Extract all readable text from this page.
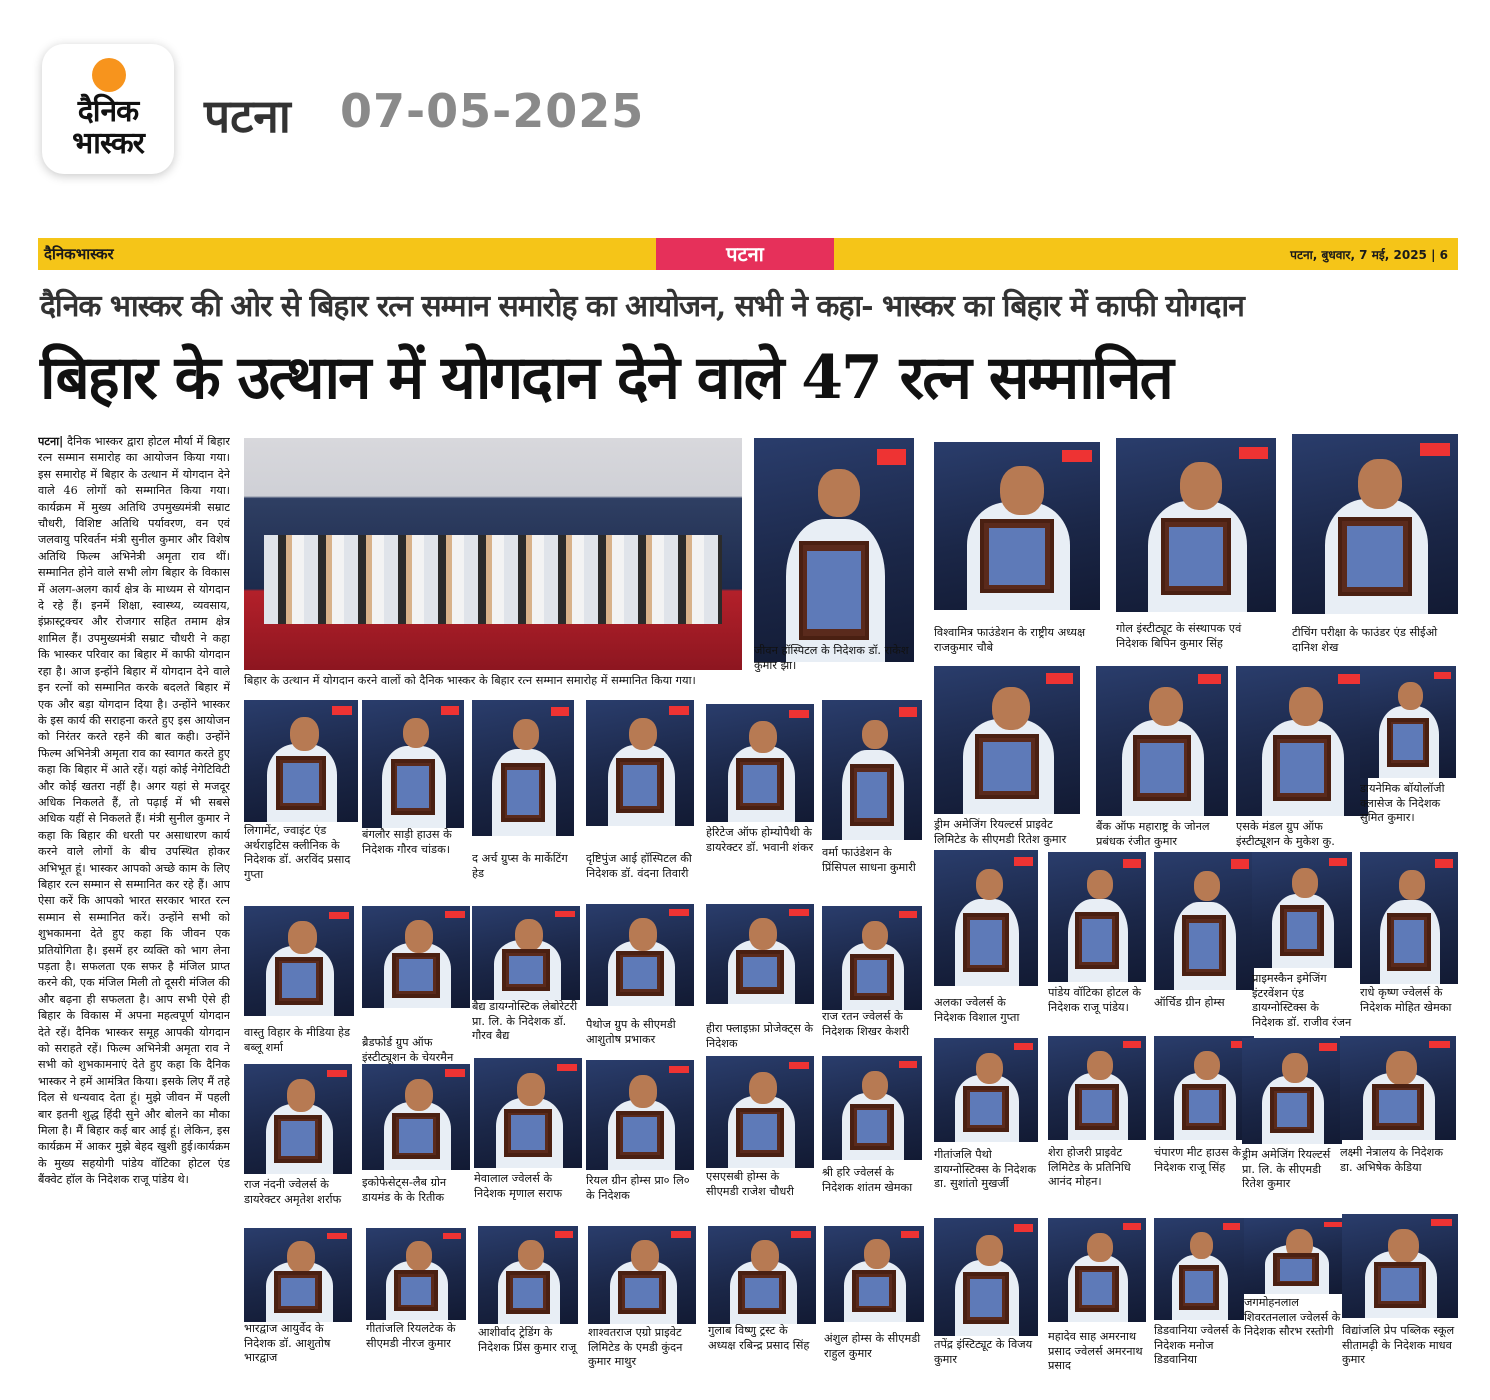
दैनिक
भास्कर
पटना 07-05-2025
दैनिकभास्कर	पटना	पटना, बुधवार, 7 मई, 2025 | 6
दैनिक भास्कर की ओर से बिहार रत्न सम्मान समारोह का आयोजन, सभी ने कहा- भास्कर का बिहार में काफी योगदान
बिहार के उत्थान में योगदान देने वाले 47 रत्न सम्मानित
पटना| दैनिक भास्कर द्वारा होटल मौर्या में बिहार रत्न सम्मान समारोह का आयोजन किया गया। इस समारोह में बिहार के उत्थान में योगदान देने वाले 46 लोगों को सम्मानित किया गया। कार्यक्रम में मुख्य अतिथि उपमुख्यमंत्री सम्राट चौधरी, विशिष्ट अतिथि पर्यावरण, वन एवं जलवायु परिवर्तन मंत्री सुनील कुमार और विशेष अतिथि फिल्म अभिनेत्री अमृता राव थीं। सम्मानित होने वाले सभी लोग बिहार के विकास में अलग-अलग कार्य क्षेत्र के माध्यम से योगदान दे रहे हैं। इनमें शिक्षा, स्वास्थ्य, व्यवसाय, इंफ्रास्ट्रक्चर और रोजगार सहित तमाम क्षेत्र शामिल हैं। उपमुख्यमंत्री सम्राट चौधरी ने कहा कि भास्कर परिवार का बिहार में काफी योगदान रहा है। आज इन्होंने बिहार में योगदान देने वाले इन रत्नों को सम्मानित करके बदलते बिहार में एक और बड़ा योगदान दिया है। उन्होंने भास्कर के इस कार्य की सराहना करते हुए इस आयोजन को निरंतर करते रहने की बात कही। उन्होंने फिल्म अभिनेत्री अमृता राव का स्वागत करते हुए कहा कि बिहार में आते रहें। यहां कोई नेगेटिविटी और कोई खतरा नहीं है। अगर यहां से मजदूर अधिक निकलते हैं, तो पढ़ाई में भी सबसे अधिक यहीं से निकलते हैं। मंत्री सुनील कुमार ने कहा कि बिहार की धरती पर असाधारण कार्य करने वाले लोगों के बीच उपस्थित होकर अभिभूत हूं। भास्कर आपको अच्छे काम के लिए बिहार रत्न सम्मान से सम्मानित कर रहे हैं। आप ऐसा करें कि आपको भारत सरकार भारत रत्न सम्मान से सम्मानित करें। उन्होंने सभी को शुभकामना देते हुए कहा कि जीवन एक प्रतियोगिता है। इसमें हर व्यक्ति को भाग लेना पड़ता है। सफलता एक सफर है मंजिल प्राप्त करने की, एक मंजिल मिली तो दूसरी मंजिल की और बढ़ना ही सफलता है। आप सभी ऐसे ही बिहार के विकास में अपना महत्वपूर्ण योगदान देते रहें। दैनिक भास्कर समूह आपकी योगदान को सराहते रहें। फिल्म अभिनेत्री अमृता राव ने सभी को शुभकामनाएं देते हुए कहा कि दैनिक भास्कर ने हमें आमंत्रित किया। इसके लिए मैं तहे दिल से धन्यवाद देता हूं। मुझे जीवन में पहली बार इतनी शुद्ध हिंदी सुने और बोलने का मौका मिला है। मैं बिहार कई बार आई हूं। लेकिन, इस कार्यक्रम में आकर मुझे बेहद खुशी हुई।कार्यक्रम के मुख्य सहयोगी पांडेय वॉटिका होटल एंड बैंक्वेट हॉल के निदेशक राजू पांडेय थे।
बिहार के उत्थान में योगदान करने वालों को दैनिक भास्कर के बिहार रत्न सम्मान समारोह में सम्मानित किया गया।
जीवन हॉस्पिटल के निदेशक डॉ. राकेश कुमार झा।
विश्वामित्र फाउंडेशन के राष्ट्रीय अध्यक्ष राजकुमार चौबे
गोल इंस्टीट्यूट के संस्थापक एवं निदेशक बिपिन कुमार सिंह
टीचिंग परीक्षा के फाउंडर एंड सीईओ दानिश शेख
लिगामेंट, ज्वाइंट एंड अर्थराइटिस क्लीनिक के निदेशक डॉ. अरविंद प्रसाद गुप्ता
बंगलौर साड़ी हाउस के निदेशक गौरव चांडक।
द अर्च ग्रुप्स के मार्केटिंग हेड
दृष्टिपुंज आई हॉस्पिटल की निदेशक डॉ. वंदना तिवारी
हेरिटेज ऑफ होम्योपैथी के डायरेक्टर डॉ. भवानी शंकर वर्मा फाउंडेशन के प्रिंसिपल साधना कुमारी
ड्रीम अमेजिंग रियल्टर्स प्राइवेट लिमिटेड के सीएमडी रितेश कुमार
बैंक ऑफ महाराष्ट्र के जोनल प्रबंधक रंजीत कुमार
एसके मंडल ग्रुप ऑफ इंस्टीट्यूशन के मुकेश कु.
डायनेमिक बॉयोलॉजी क्लासेज के निदेशक सुमित कुमार।
वास्तु विहार के मीडिया हेड बब्लू शर्मा	ब्रैडफोर्ड ग्रुप ऑफ इंस्टीट्यूशन के चेयरमैन
बैद्य डायग्नोस्टिक लेबोरेटरी प्रा. लि. के निदेशक डॉ. गौरव बैद्य
पैथोज ग्रुप के सीएमडी आशुतोष प्रभाकर
हीरा फ्लाइफ़ा प्रोजेक्ट्स के निदेशक
राज रतन ज्वेलर्स के निदेशक शिखर केशरी
अलका ज्वेलर्स के निदेशक विशाल गुप्ता
पांडेय वॉटिका होटल के निदेशक राजू पांडेय।	ऑर्चिड ग्रीन होम्स
प्राइमस्कैन इमेजिंग इंटरवेंशन एंड डायग्नोस्टिक्स के निदेशक डॉ. राजीव रंजन
राधे कृष्ण ज्वेलर्स के निदेशक मोहित खेमका
राज नंदनी ज्वेलर्स के डायरेक्टर अमृतेश शर्राफ
इकोफेसेट्स-लैब ग्रोन डायमंड के के रितीक
मेवालाल ज्वेलर्स के निदेशक मृणाल सराफ
रियल ग्रीन होम्स प्रा० लि० के निदेशक
एसएसबी होम्स के सीएमडी राजेश चौधरी
श्री हरि ज्वेलर्स के निदेशक शांतम खेमका
गीतांजलि पैथो डायग्नोस्टिक्स के निदेशक डा. सुशांतो मुखर्जी
शेरा होजरी प्राइवेट लिमिटेड के प्रतिनिधि आनंद मोहन।
चंपारण मीट हाउस के निदेशक राजू सिंह
ड्रीम अमेजिंग रियल्टर्स प्रा. लि. के सीएमडी रितेश कुमार
लक्ष्मी नेत्रालय के निदेशक डा. अभिषेक केडिया
भारद्वाज आयुर्वेद के निदेशक डॉ. आशुतोष भारद्वाज
गीतांजलि रियलटेक के सीएमडी नीरज कुमार
आशीर्वाद ट्रेडिंग के निदेशक प्रिंस कुमार राजू
शाश्वतराज एग्रो प्राइवेट लिमिटेड के एमडी कुंदन कुमार माथुर
गुलाब विष्णु ट्रस्ट के अध्यक्ष रबिन्द्र प्रसाद सिंह	अंशुल होम्स के सीएमडी राहुल कुमार
तपेंद्र इंस्टिट्यूट के विजय कुमार
महादेव साह अमरनाथ प्रसाद ज्वेलर्स अमरनाथ प्रसाद
डिडवानिया ज्वेलर्स के निदेशक मनोज डिडवानिया
जगमोहनलाल शिवरतनलाल ज्वेलर्स के निदेशक सौरभ रस्तोगी विद्यांजलि प्रेप पब्लिक स्कूल सीतामढ़ी के निदेशक माधव कुमार
